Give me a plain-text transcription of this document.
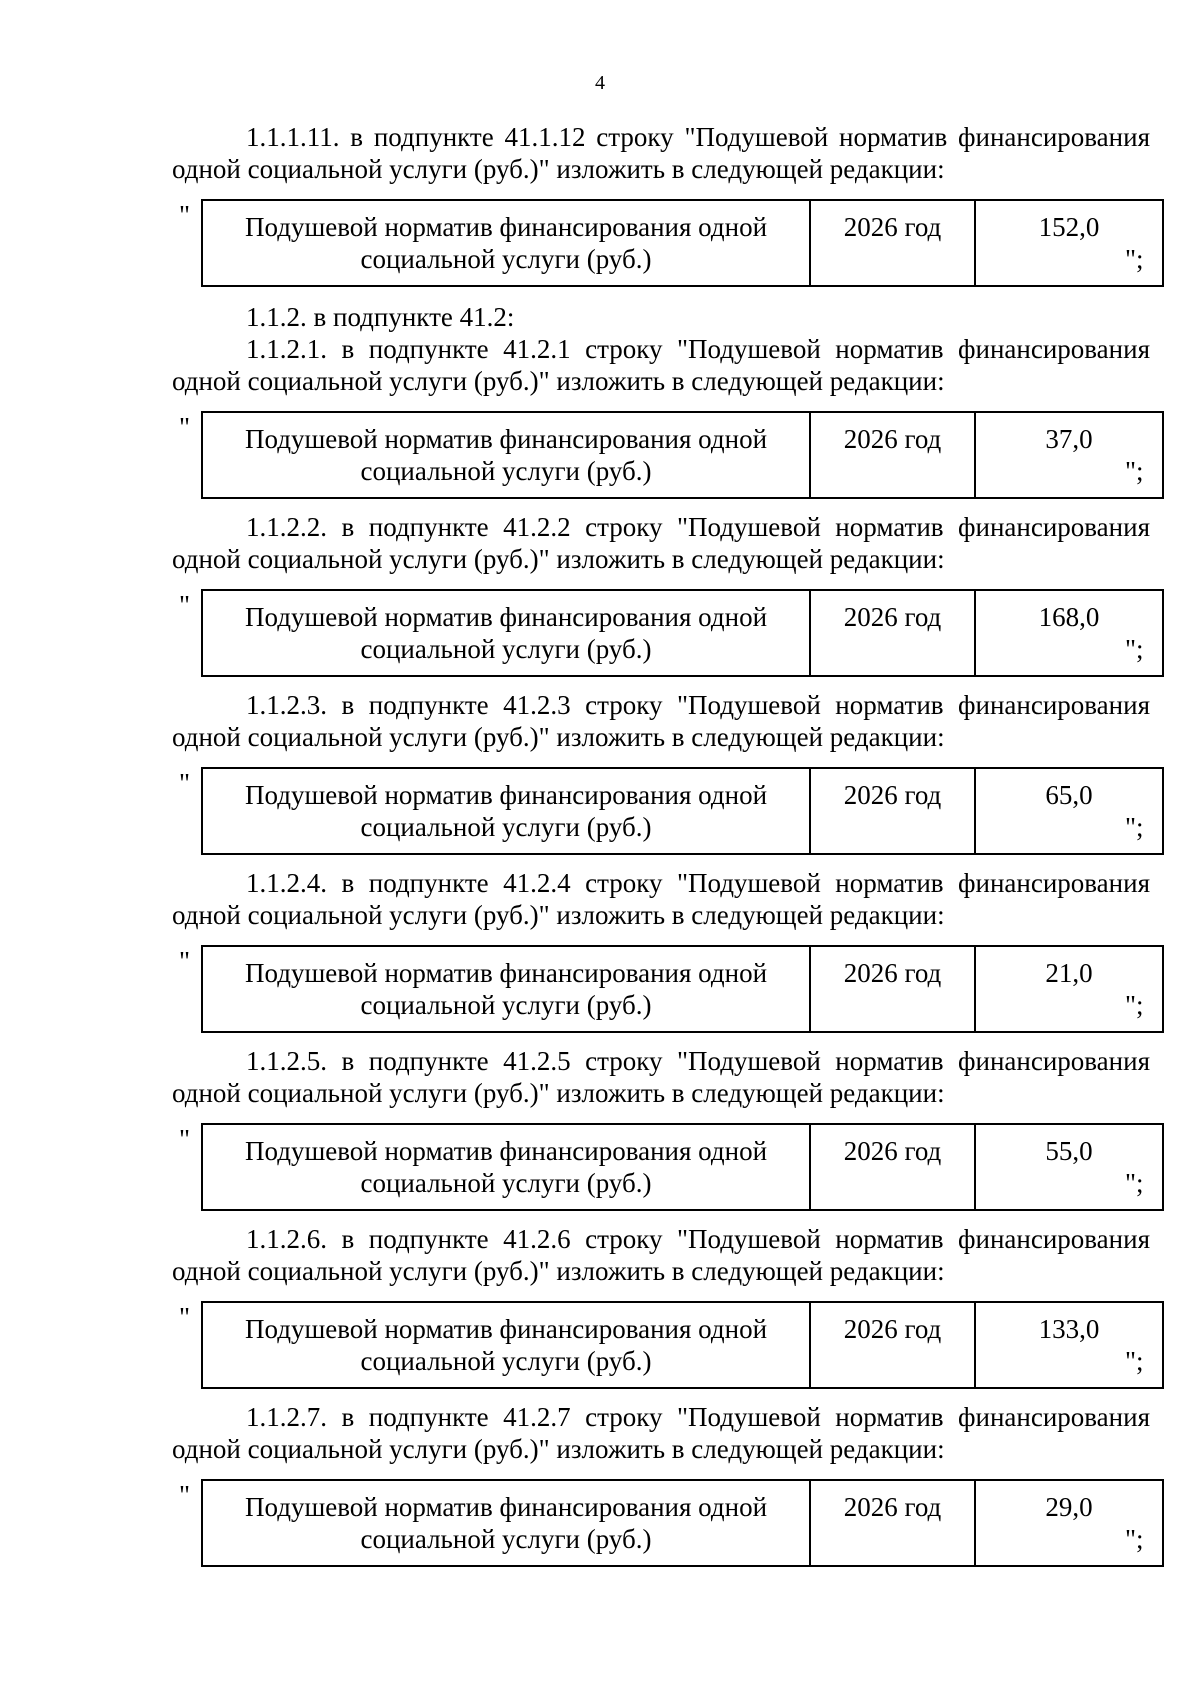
4

1.1.1.11. в подпункте 41.1.12 строку "Подушевой норматив финансирования одной социальной услуги (руб.)" изложить в следующей редакции:

" Подушевой норматив финансирования одной социальной услуги (руб.)	2026 год	152,0
";

1.1.2. в подпункте 41.2:

1.1.2.1. в подпункте 41.2.1 строку "Подушевой норматив финансирования одной социальной услуги (руб.)" изложить в следующей редакции:

" Подушевой норматив финансирования одной социальной услуги (руб.)	2026 год	37,0
";

1.1.2.2. в подпункте 41.2.2 строку "Подушевой норматив финансирования одной социальной услуги (руб.)" изложить в следующей редакции:

" Подушевой норматив финансирования одной социальной услуги (руб.)	2026 год	168,0
";

1.1.2.3. в подпункте 41.2.3 строку "Подушевой норматив финансирования одной социальной услуги (руб.)" изложить в следующей редакции:

" Подушевой норматив финансирования одной социальной услуги (руб.)	2026 год	65,0
";

1.1.2.4. в подпункте 41.2.4 строку "Подушевой норматив финансирования одной социальной услуги (руб.)" изложить в следующей редакции:

" Подушевой норматив финансирования одной социальной услуги (руб.)	2026 год	21,0
";

1.1.2.5. в подпункте 41.2.5 строку "Подушевой норматив финансирования одной социальной услуги (руб.)" изложить в следующей редакции:

" Подушевой норматив финансирования одной социальной услуги (руб.)	2026 год	55,0
";

1.1.2.6. в подпункте 41.2.6 строку "Подушевой норматив финансирования одной социальной услуги (руб.)" изложить в следующей редакции:

" Подушевой норматив финансирования одной социальной услуги (руб.)	2026 год	133,0
";

1.1.2.7. в подпункте 41.2.7 строку "Подушевой норматив финансирования одной социальной услуги (руб.)" изложить в следующей редакции:

" Подушевой норматив финансирования одной социальной услуги (руб.)	2026 год	29,0
";
